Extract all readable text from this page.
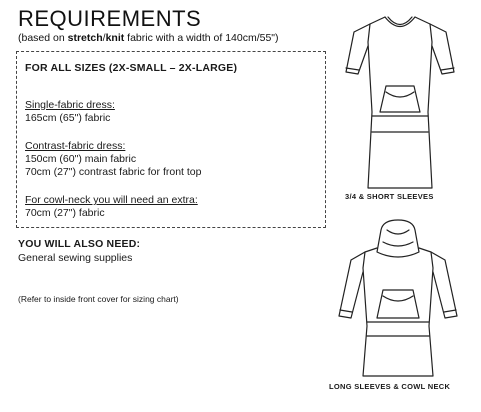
REQUIREMENTS
(based on stretch/knit fabric with a width of 140cm/55")
FOR ALL SIZES (2X-SMALL – 2X-LARGE)
Single-fabric dress:
165cm (65") fabric
Contrast-fabric dress:
150cm (60") main fabric
70cm (27") contrast fabric for front top
For cowl-neck you will need an extra:
70cm (27") fabric
YOU WILL ALSO NEED:
General sewing supplies
(Refer to inside front cover for sizing chart)
3/4 & SHORT SLEEVES
LONG SLEEVES & COWL NECK
